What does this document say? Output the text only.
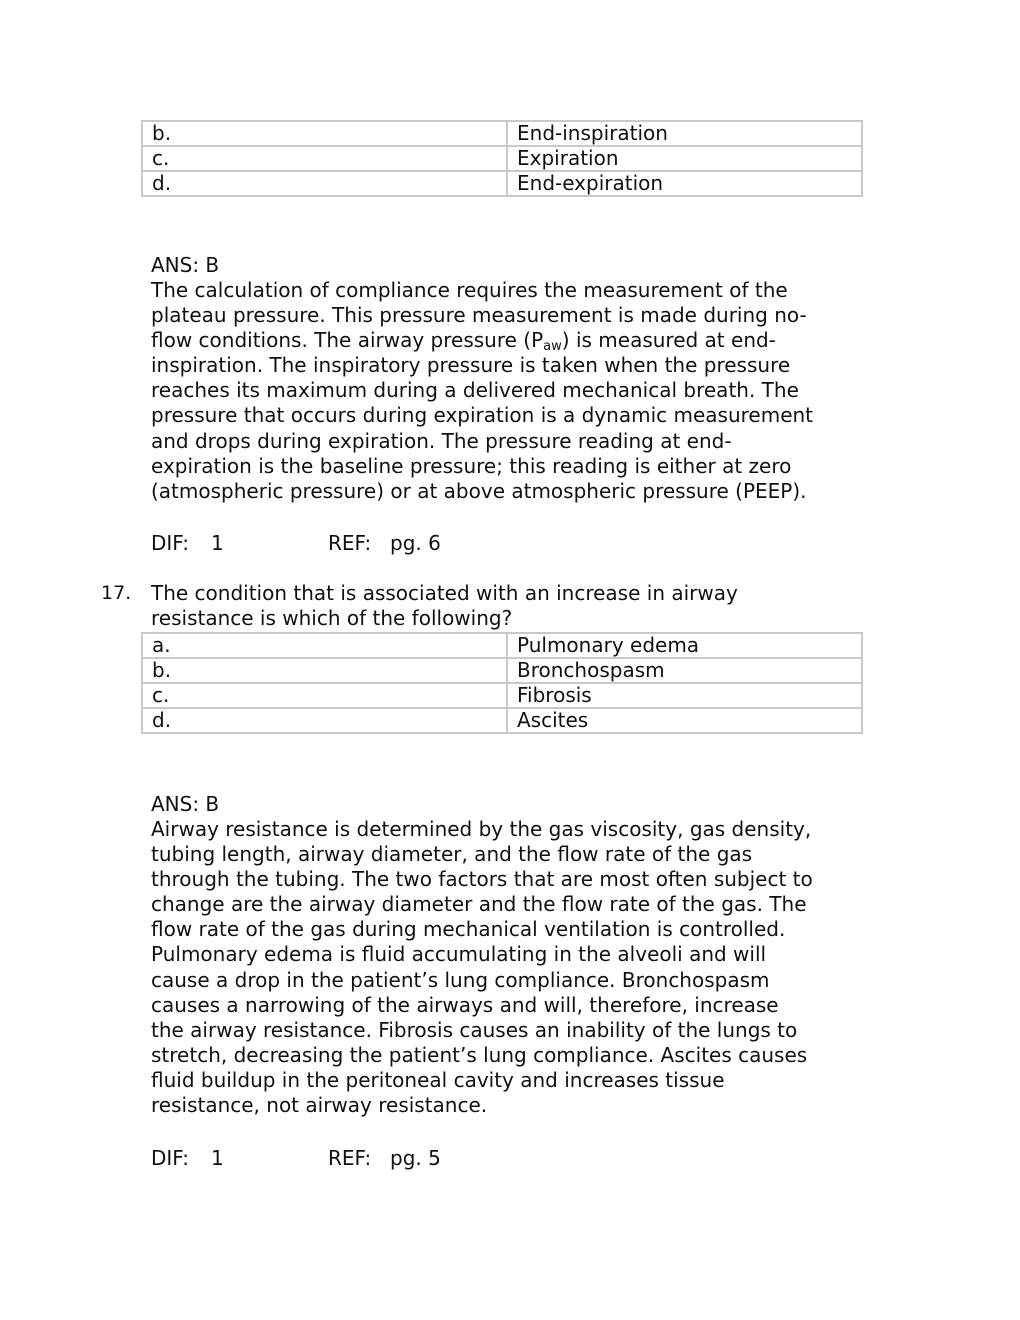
b.	End-inspiration
c.	Expiration
d.	End-expiration
ANS: B
The calculation of compliance requires the measurement of the
plateau pressure. This pressure measurement is made during no-
flow conditions. The airway pressure $(P_{aw})$ is measured at end-
inspiration. The inspiratory pressure is taken when the pressure
reaches its maximum during a delivered mechanical breath. The
pressure that occurs during expiration is a dynamic measurement
and drops during expiration. The pressure reading at end-
expiration is the baseline pressure; this reading is either at zero
(atmospheric pressure) or at above atmospheric pressure (PEEP).
DIF: 1	REF: pg. 6
17. The condition that is associated with an increase in airway
resistance is which of the following?
a.	Pulmonary edema
b.	Bronchospasm
c.	Fibrosis
d.	Ascites
ANS: B
Airway resistance is determined by the gas viscosity, gas density,
tubing length, airway diameter, and the flow rate of the gas
through the tubing. The two factors that are most often subject to
change are the airway diameter and the flow rate of the gas. The
flow rate of the gas during mechanical ventilation is controlled.
Pulmonary edema is fluid accumulating in the alveoli and will
cause a drop in the patient’s lung compliance. Bronchospasm
causes a narrowing of the airways and will, therefore, increase
the airway resistance. Fibrosis causes an inability of the lungs to
stretch, decreasing the patient’s lung compliance. Ascites causes
fluid buildup in the peritoneal cavity and increases tissue
resistance, not airway resistance.
DIF: 1	REF: pg. 5
